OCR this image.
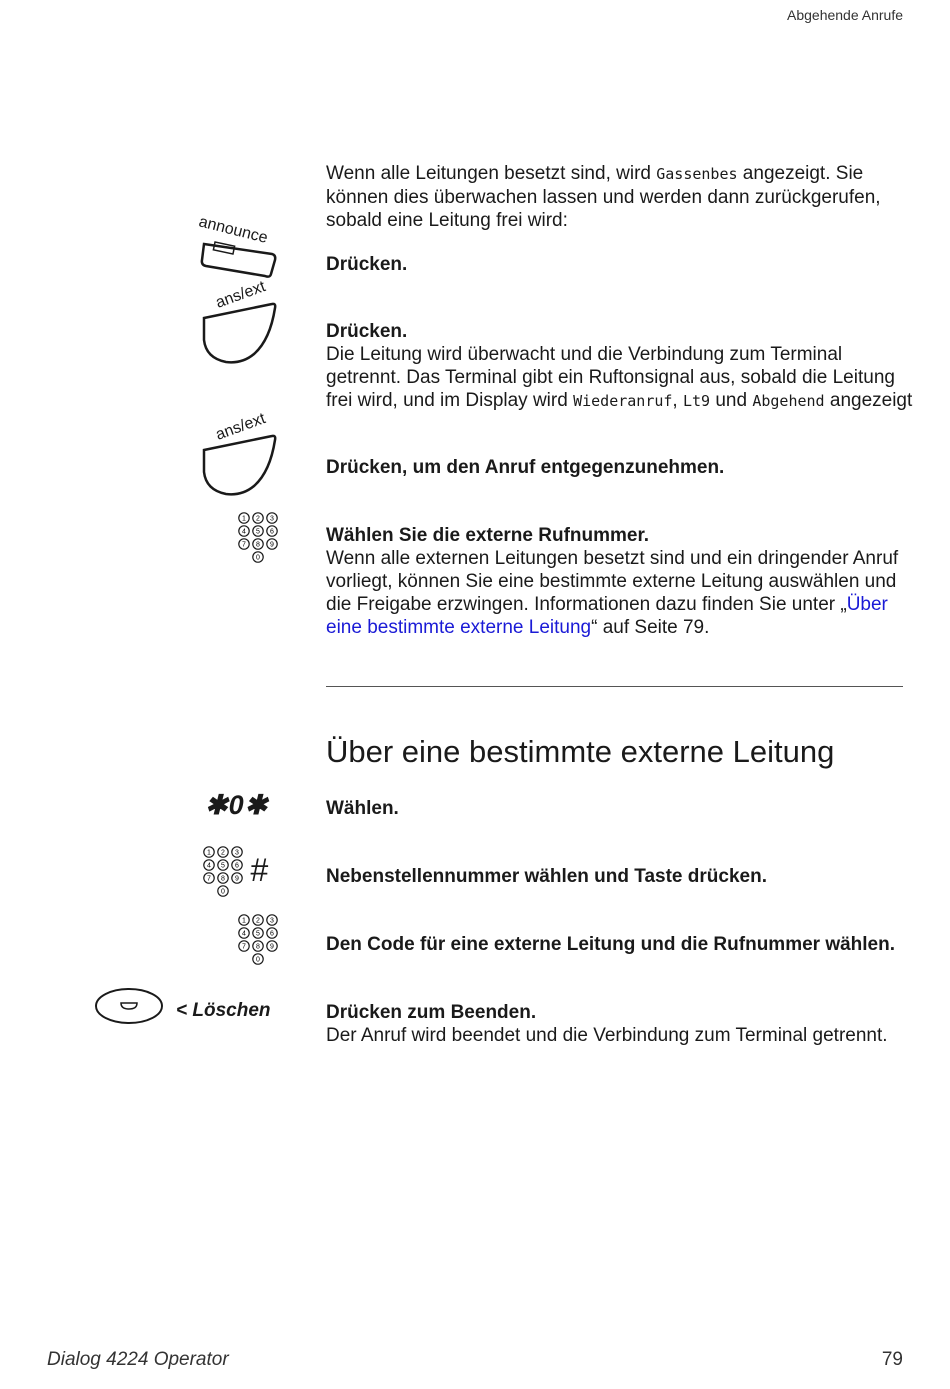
Abgehende Anrufe
Dialog 4224 Operator	79
Wenn alle Leitungen besetzt sind, wird Gassenbes angezeigt. Sie können dies überwachen lassen und werden dann zurückgerufen, sobald eine Leitung frei wird:
announce
Drücken.
ans/ext
Drücken.
Die Leitung wird überwacht und die Verbindung zum Terminal getrennt. Das Terminal gibt ein Ruftonsignal aus, sobald die Leitung frei wird, und im Display wird Wiederanruf, Lt9 und Abgehend angezeigt
ans/ext
Drücken, um den Anruf entgegenzunehmen.
1 2 3
4 5 6
7 8 9
0
Wählen Sie die externe Rufnummer.
Wenn alle externen Leitungen besetzt sind und ein dringender Anruf vorliegt, können Sie eine bestimmte externe Leitung auswählen und die Freigabe erzwingen. Informationen dazu finden Sie unter „Über eine bestimmte externe Leitung“ auf Seite 79.
Über eine bestimmte externe Leitung
✱0✱	Wählen.
1 2 3
4 5 6
7 8 9
0
#	Nebenstellennummer wählen und Taste drücken.
1 2 3
4 5 6
7 8 9
0
Den Code für eine externe Leitung und die Rufnummer wählen.
< Löschen	Drücken zum Beenden.
Der Anruf wird beendet und die Verbindung zum Terminal getrennt.
